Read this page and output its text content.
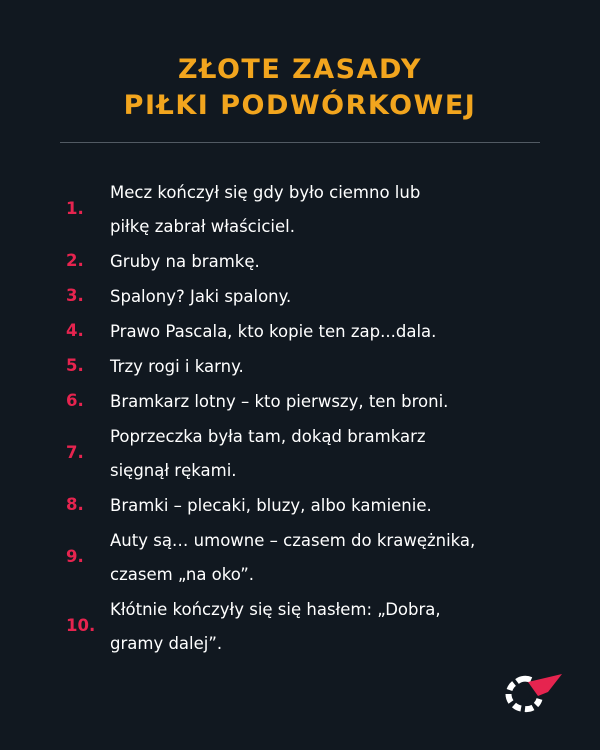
ZŁOTE ZASADY
PIŁKI PODWÓRKOWEJ
1.
Mecz kończył się gdy było ciemno lub
piłkę zabrał właściciel.
2.	Gruby na bramkę.
3.	Spalony? Jaki spalony.
4.	Prawo Pascala, kto kopie ten zap...dala.
5.	Trzy rogi i karny.
6.	Bramkarz lotny – kto pierwszy, ten broni.
7.
Poprzeczka była tam, dokąd bramkarz
sięgnął rękami.
8.	Bramki – plecaki, bluzy, albo kamienie.
9.
Auty są… umowne – czasem do krawężnika,
czasem „na oko”.
10.
Kłótnie kończyły się się hasłem: „Dobra,
gramy dalej”.
